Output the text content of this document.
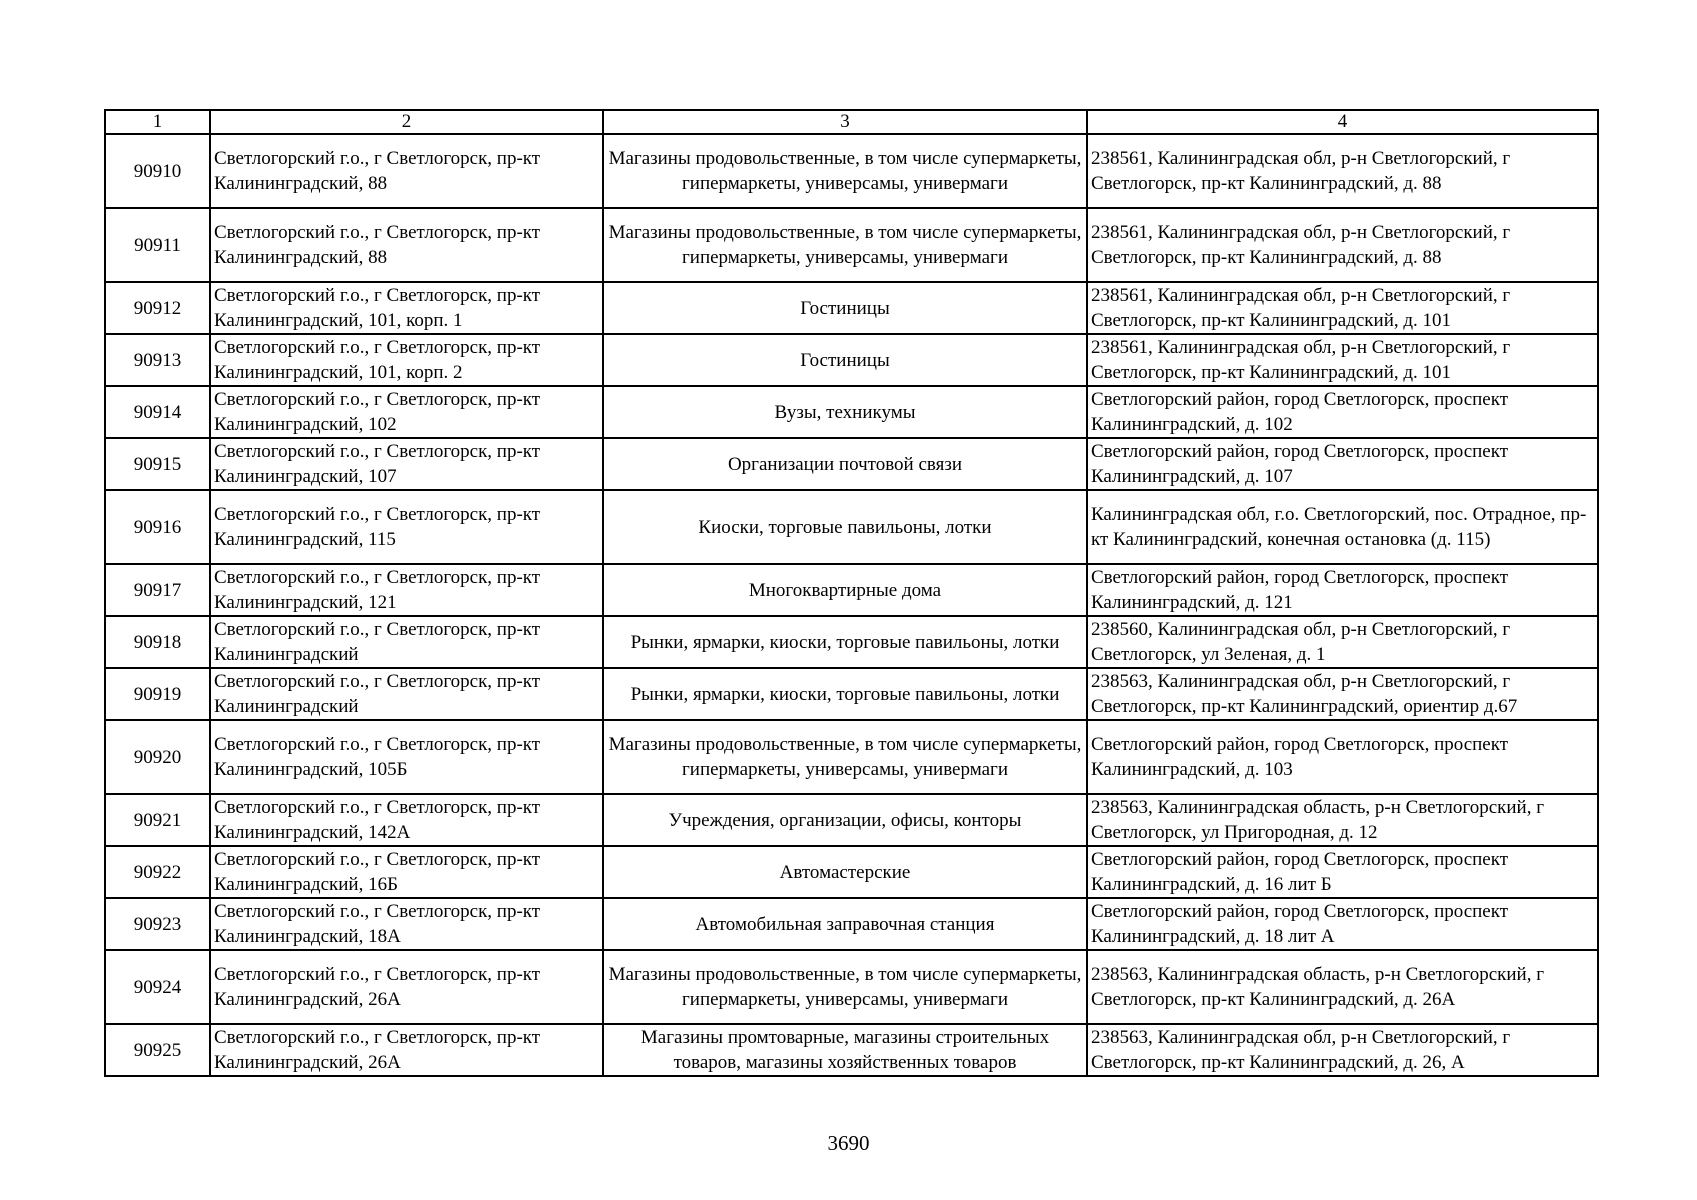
1	2	3	4
90910	Светлогорский г.о., г Светлогорск, пр-кт Калининградский, 88	Магазины продовольственные, в том числе супермаркеты, гипермаркеты, универсамы, универмаги	238561, Калининградская обл, р-н Светлогорский, г Светлогорск, пр-кт Калининградский, д. 88
90911	Светлогорский г.о., г Светлогорск, пр-кт Калининградский, 88	Магазины продовольственные, в том числе супермаркеты, гипермаркеты, универсамы, универмаги	238561, Калининградская обл, р-н Светлогорский, г Светлогорск, пр-кт Калининградский, д. 88
90912	Светлогорский г.о., г Светлогорск, пр-кт Калининградский, 101, корп. 1	Гостиницы	238561, Калининградская обл, р-н Светлогорский, г Светлогорск, пр-кт Калининградский, д. 101
90913	Светлогорский г.о., г Светлогорск, пр-кт Калининградский, 101, корп. 2	Гостиницы	238561, Калининградская обл, р-н Светлогорский, г Светлогорск, пр-кт Калининградский, д. 101
90914	Светлогорский г.о., г Светлогорск, пр-кт Калининградский, 102	Вузы, техникумы	Светлогорский район, город Светлогорск, проспект Калининградский, д. 102
90915	Светлогорский г.о., г Светлогорск, пр-кт Калининградский, 107	Организации почтовой связи	Светлогорский район, город Светлогорск, проспект Калининградский, д. 107
90916	Светлогорский г.о., г Светлогорск, пр-кт Калининградский, 115	Киоски, торговые павильоны, лотки	Калининградская обл, г.о. Светлогорский, пос. Отрадное, пр-кт Калининградский, конечная остановка (д. 115)
90917	Светлогорский г.о., г Светлогорск, пр-кт Калининградский, 121	Многоквартирные дома	Светлогорский район, город Светлогорск, проспект Калининградский, д. 121
90918	Светлогорский г.о., г Светлогорск, пр-кт Калининградский	Рынки, ярмарки, киоски, торговые павильоны, лотки	238560, Калининградская обл, р-н Светлогорский, г Светлогорск, ул Зеленая, д. 1
90919	Светлогорский г.о., г Светлогорск, пр-кт Калининградский	Рынки, ярмарки, киоски, торговые павильоны, лотки	238563, Калининградская обл, р-н Светлогорский, г Светлогорск, пр-кт Калининградский, ориентир д.67
90920	Светлогорский г.о., г Светлогорск, пр-кт Калининградский, 105Б	Магазины продовольственные, в том числе супермаркеты, гипермаркеты, универсамы, универмаги	Светлогорский район, город Светлогорск, проспект Калининградский, д. 103
90921	Светлогорский г.о., г Светлогорск, пр-кт Калининградский, 142А	Учреждения, организации, офисы, конторы	238563, Калининградская область, р-н Светлогорский, г Светлогорск, ул Пригородная, д. 12
90922	Светлогорский г.о., г Светлогорск, пр-кт Калининградский, 16Б	Автомастерские	Светлогорский район, город Светлогорск, проспект Калининградский, д. 16 лит Б
90923	Светлогорский г.о., г Светлогорск, пр-кт Калининградский, 18А	Автомобильная заправочная станция	Светлогорский район, город Светлогорск, проспект Калининградский, д. 18 лит А
90924	Светлогорский г.о., г Светлогорск, пр-кт Калининградский, 26А	Магазины продовольственные, в том числе супермаркеты, гипермаркеты, универсамы, универмаги	238563, Калининградская область, р-н Светлогорский, г Светлогорск, пр-кт Калининградский, д. 26А
90925	Светлогорский г.о., г Светлогорск, пр-кт Калининградский, 26А	Магазины промтоварные, магазины строительных товаров, магазины хозяйственных товаров	238563, Калининградская обл, р-н Светлогорский, г Светлогорск, пр-кт Калининградский, д. 26, А
3690
